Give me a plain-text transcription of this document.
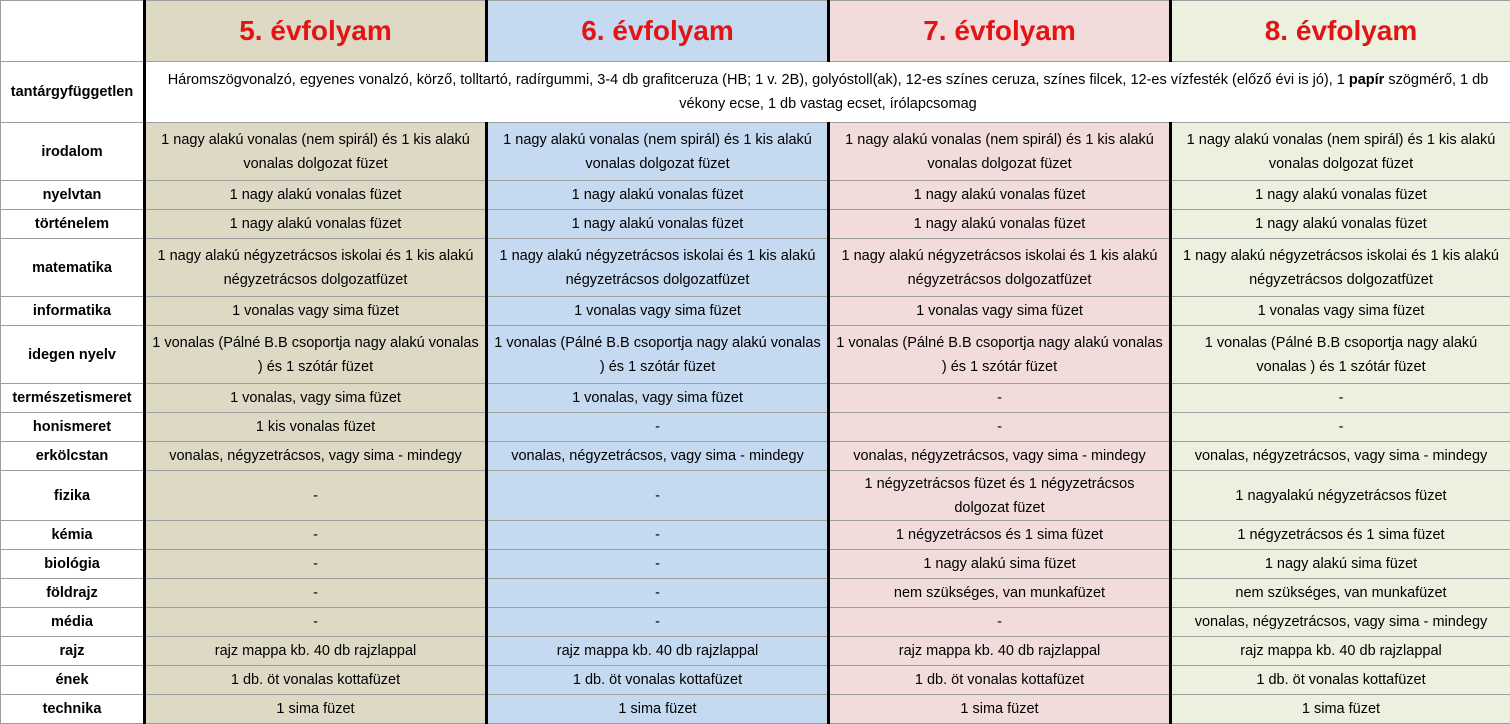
	5. évfolyam	6. évfolyam	7. évfolyam	8. évfolyam
tantárgyfüggetlen	Háromszögvonalzó, egyenes vonalzó, körző, tolltartó, radírgummi, 3-4 db grafitceruza (HB; 1 v. 2B), golyóstoll(ak), 12-es színes ceruza, színes filcek, 12-es vízfesték (előző évi is jó), 1 papír szögmérő, 1 db vékony ecse, 1 db vastag ecset, írólapcsomag			
irodalom	1 nagy alakú vonalas (nem spirál) és 1 kis alakú vonalas dolgozat füzet	1 nagy alakú vonalas (nem spirál) és 1 kis alakú vonalas dolgozat füzet	1 nagy alakú vonalas (nem spirál) és 1 kis alakú vonalas dolgozat füzet	1 nagy alakú vonalas (nem spirál) és 1 kis alakú vonalas dolgozat füzet
nyelvtan	1 nagy alakú vonalas füzet	1 nagy alakú vonalas füzet	1 nagy alakú vonalas füzet	1 nagy alakú vonalas füzet
történelem	1 nagy alakú vonalas füzet	1 nagy alakú vonalas füzet	1 nagy alakú vonalas füzet	1 nagy alakú vonalas füzet
matematika	1 nagy alakú négyzetrácsos iskolai és 1 kis alakú négyzetrácsos dolgozatfüzet	1 nagy alakú négyzetrácsos iskolai és 1 kis alakú négyzetrácsos dolgozatfüzet	1 nagy alakú négyzetrácsos iskolai és 1 kis alakú négyzetrácsos dolgozatfüzet	1 nagy alakú négyzetrácsos iskolai és 1 kis alakú négyzetrácsos dolgozatfüzet
informatika	1 vonalas vagy sima füzet	1 vonalas vagy sima füzet	1 vonalas vagy sima füzet	1 vonalas vagy sima füzet
idegen nyelv	1 vonalas (Pálné B.B csoportja nagy alakú vonalas ) és 1 szótár füzet	1 vonalas (Pálné B.B csoportja nagy alakú vonalas ) és 1 szótár füzet	1 vonalas (Pálné B.B csoportja nagy alakú vonalas ) és 1 szótár füzet	1 vonalas (Pálné B.B csoportja nagy alakú vonalas ) és 1 szótár füzet
természetismeret	1 vonalas, vagy sima füzet	1 vonalas, vagy sima füzet	-	-
honismeret	1 kis vonalas füzet	-	-	-
erkölcstan	vonalas, négyzetrácsos, vagy sima - mindegy	vonalas, négyzetrácsos, vagy sima - mindegy	vonalas, négyzetrácsos, vagy sima - mindegy	vonalas, négyzetrácsos, vagy sima - mindegy
fizika	-	-	1 négyzetrácsos füzet és 1 négyzetrácsos dolgozat füzet	1 nagyalakú négyzetrácsos füzet
kémia	-	-	1 négyzetrácsos és 1 sima füzet	1 négyzetrácsos és 1 sima füzet
biológia	-	-	1 nagy alakú sima füzet	1 nagy alakú sima füzet
földrajz	-	-	nem szükséges, van munkafüzet	nem szükséges, van munkafüzet
média	-	-	-	vonalas, négyzetrácsos, vagy sima - mindegy
rajz	rajz mappa kb. 40 db rajzlappal	rajz mappa kb. 40 db rajzlappal	rajz mappa kb. 40 db rajzlappal	rajz mappa kb. 40 db rajzlappal
ének	1 db. öt vonalas kottafüzet	1 db. öt vonalas kottafüzet	1 db. öt vonalas kottafüzet	1 db. öt vonalas kottafüzet
technika	1 sima füzet	1 sima füzet	1 sima füzet	1 sima füzet
